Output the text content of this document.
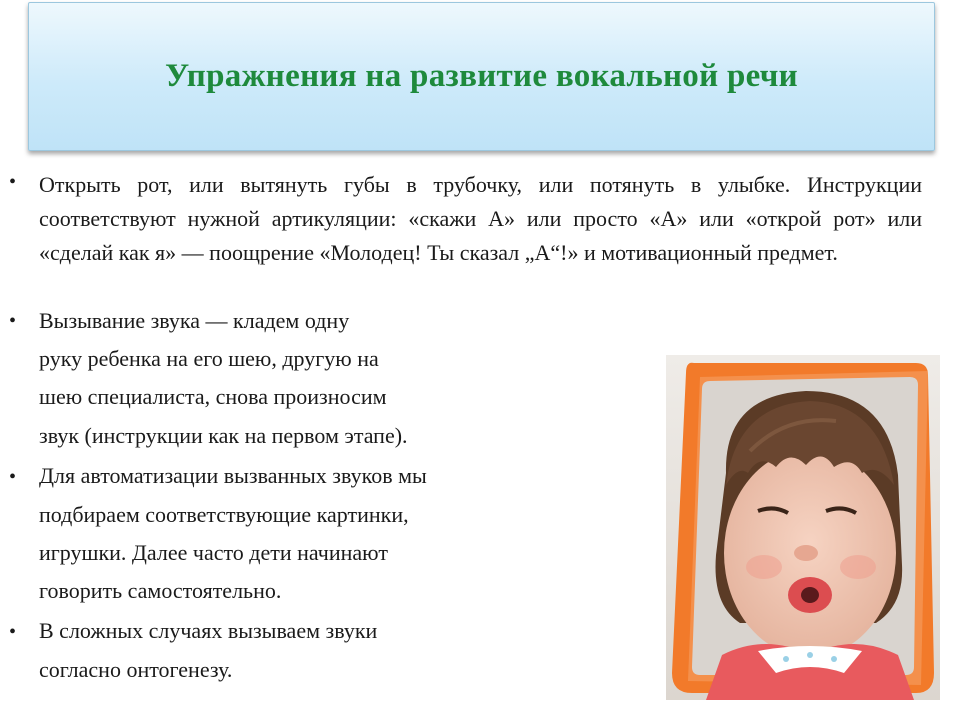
Упражнения на развитие вокальной речи
• Открыть рот, или вытянуть губы в трубочку, или потянуть в улыбке. Инструкции соответствуют нужной артикуляции: «скажи А» или просто «А» или «открой рот» или «сделай как я» — поощрение «Молодец! Ты сказал „А“!» и мотивационный предмет.
• Вызывание звука — кладем одну
руку ребенка на его шею, другую на
шею специалиста, снова произносим
звук (инструкции как на первом этапе).
• Для автоматизации вызванных звуков мы
подбираем соответствующие картинки,
игрушки. Далее часто дети начинают
говорить самостоятельно.
• В сложных случаях вызываем звуки
согласно онтогенезу.
